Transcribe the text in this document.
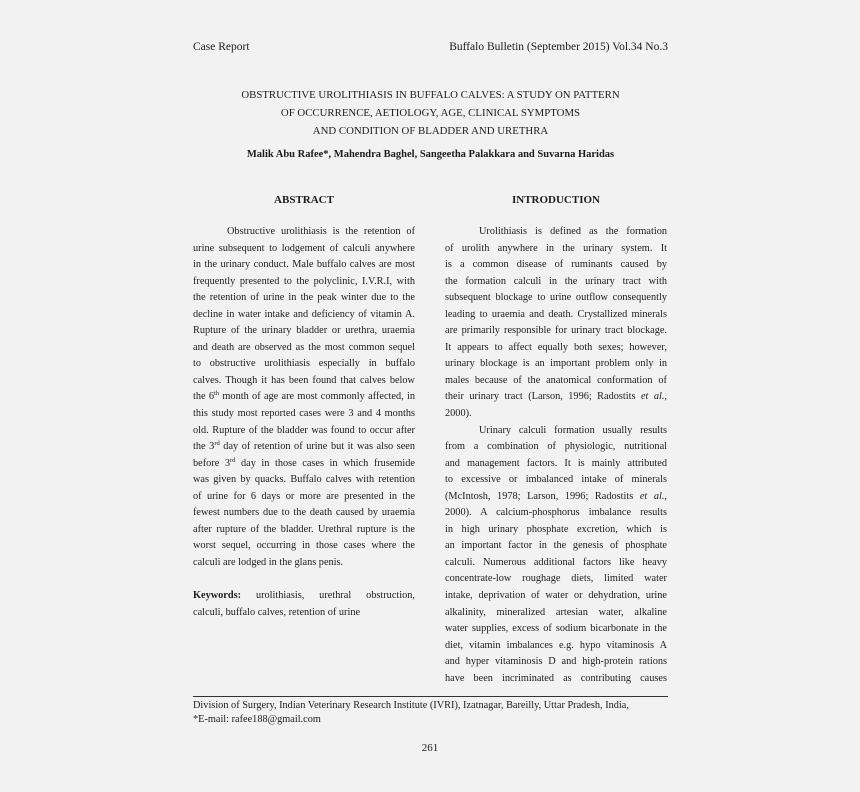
Case Report	Buffalo Bulletin (September 2015) Vol.34 No.3
OBSTRUCTIVE UROLITHIASIS IN BUFFALO CALVES: A STUDY ON PATTERN
OF OCCURRENCE, AETIOLOGY, AGE, CLINICAL SYMPTOMS
AND CONDITION OF BLADDER AND URETHRA
Malik Abu Rafee*, Mahendra Baghel, Sangeetha Palakkara and Suvarna Haridas
ABSTRACT	INTRODUCTION

Obstructive urolithiasis is the retention of
urine subsequent to lodgement of calculi anywhere
in the urinary conduct. Male buffalo calves are most
frequently presented to the polyclinic, I.V.R.I, with
the retention of urine in the peak winter due to the
decline in water intake and deficiency of vitamin A.
Rupture of the urinary bladder or urethra, uraemia
and death are observed as the most common sequel
to obstructive urolithiasis especially in buffalo
calves. Though it has been found that calves below
the 6th month of age are most commonly affected, in
this study most reported cases were 3 and 4 months
old. Rupture of the bladder was found to occur after
the 3rd day of retention of urine but it was also seen
before 3rd day in those cases in which frusemide
was given by quacks. Buffalo calves with retention
of urine for 6 days or more are presented in the
fewest numbers due to the death caused by uraemia
after rupture of the bladder. Urethral rupture is the
worst sequel, occurring in those cases where the
calculi are lodged in the glans penis.

Keywords: urolithiasis, urethral obstruction,
calculi, buffalo calves, retention of urine

Urolithiasis is defined as the formation
of urolith anywhere in the urinary system. It
is a common disease of ruminants caused by
the formation calculi in the urinary tract with
subsequent blockage to urine outflow consequently
leading to uraemia and death. Crystallized minerals
are primarily responsible for urinary tract blockage.
It appears to affect equally both sexes; however,
urinary blockage is an important problem only in
males because of the anatomical conformation of
their urinary tract (Larson, 1996; Radostits et al.,
2000).

Urinary calculi formation usually results
from a combination of physiologic, nutritional
and management factors. It is mainly attributed
to excessive or imbalanced intake of minerals
(McIntosh, 1978; Larson, 1996; Radostits et al.,
2000). A calcium-phosphorus imbalance results
in high urinary phosphate excretion, which is
an important factor in the genesis of phosphate
calculi. Numerous additional factors like heavy
concentrate-low roughage diets, limited water
intake, deprivation of water or dehydration, urine
alkalinity, mineralized artesian water, alkaline
water supplies, excess of sodium bicarbonate in the
diet, vitamin imbalances e.g. hypo vitaminosis A
and hyper vitaminosis D and high-protein rations
have been incriminated as contributing causes

Division of Surgery, Indian Veterinary Research Institute (IVRI), Izatnagar, Bareilly, Uttar Pradesh, India,
*E-mail: rafee188@gmail.com
261
